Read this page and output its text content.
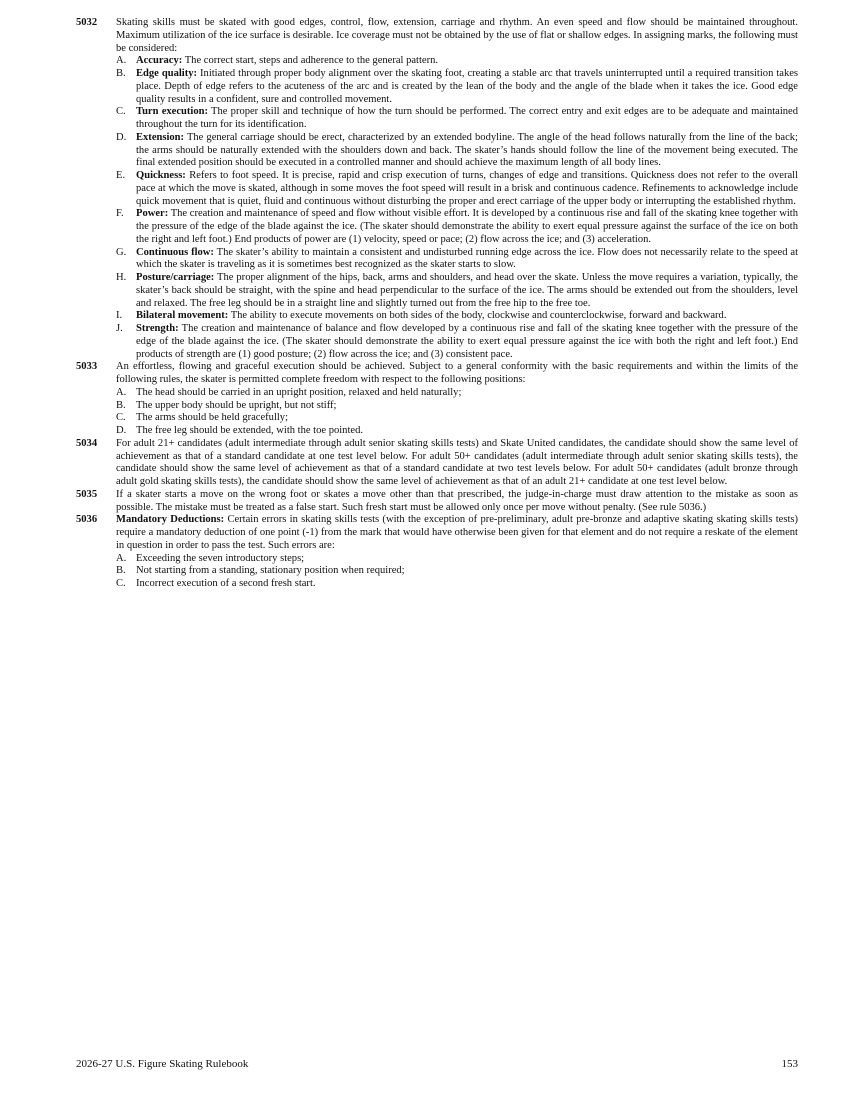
5032	Skating skills must be skated with good edges, control, flow, extension, carriage and rhythm. An even speed and flow should be maintained throughout. Maximum utilization of the ice surface is desirable. Ice coverage must not be obtained by the use of flat or shallow edges. In assigning marks, the following must be considered:
A. Accuracy: The correct start, steps and adherence to the general pattern.
B. Edge quality: Initiated through proper body alignment over the skating foot, creating a stable arc that travels uninterrupted until a required transition takes place. Depth of edge refers to the acuteness of the arc and is created by the lean of the body and the angle of the blade when it takes the ice. Good edge quality results in a confident, sure and controlled movement.
C. Turn execution: The proper skill and technique of how the turn should be performed. The correct entry and exit edges are to be adequate and maintained throughout the turn for its identification.
D. Extension: The general carriage should be erect, characterized by an extended bodyline. The angle of the head follows naturally from the line of the back; the arms should be naturally extended with the shoulders down and back. The skater’s hands should follow the line of the movement being executed. The final extended position should be executed in a controlled manner and should achieve the maximum length of all body lines.
E.	Quickness: Refers to foot speed. It is precise, rapid and crisp execution of turns, changes of edge and transitions. Quickness does not refer to the overall pace at which the move is skated, although in some moves the foot speed will result in a brisk and continuous cadence. Refinements to acknowledge include quick movement that is quiet, fluid and continuous without disturbing the proper and erect carriage of the upper body or interrupting the established rhythm.
F.	Power: The creation and maintenance of speed and flow without visible effort. It is developed by a continuous rise and fall of the skating knee together with the pressure of the edge of the blade against the ice. (The skater should demonstrate the ability to exert equal pressure against the surface of the ice on both the right and left foot.) End products of power are (1) velocity, speed or pace; (2) flow across the ice; and (3) acceleration.
G. Continuous flow: The skater’s ability to maintain a consistent and undisturbed running edge across the ice. Flow does not necessarily relate to the speed at which the skater is traveling as it is sometimes best recognized as the skater starts to slow.
H. Posture/carriage: The proper alignment of the hips, back, arms and shoulders, and head over the skate. Unless the move requires a variation, typically, the skater’s back should be straight, with the spine and head perpendicular to the surface of the ice. The arms should be extended out from the shoulders, level and relaxed. The free leg should be in a straight line and slightly turned out from the free hip to the free toe.
I.	Bilateral movement: The ability to execute movements on both sides of the body, clockwise and counterclockwise, forward and backward.
J.	Strength: The creation and maintenance of balance and flow developed by a continuous rise and fall of the skating knee together with the pressure of the edge of the blade against the ice. (The skater should demonstrate the ability to exert equal pressure against the ice with both the right and left foot.) End products of strength are (1) good posture; (2) flow across the ice; and (3) consistent pace.
5033	An effortless, flowing and graceful execution should be achieved. Subject to a general conformity with the basic requirements and within the limits of the following rules, the skater is permitted complete freedom with respect to the following positions:
A. The head should be carried in an upright position, relaxed and held naturally;
B. The upper body should be upright, but not stiff;
C. The arms should be held gracefully;
D. The free leg should be extended, with the toe pointed.
5034	For adult 21+ candidates (adult intermediate through adult senior skating skills tests) and Skate United candidates, the candidate should show the same level of achievement as that of a standard candidate at one test level below. For adult 50+ candidates (adult intermediate through adult senior skating skills tests), the candidate should show the same level of achievement as that of a standard candidate at two test levels below. For adult 50+ candidates (adult bronze through adult gold skating skills tests), the candidate should show the same level of achievement as that of an adult 21+ candidate at one test level below.
5035	If a skater starts a move on the wrong foot or skates a move other than that prescribed, the judge-in-charge must draw attention to the mistake as soon as possible. The mistake must be treated as a false start. Such fresh start must be allowed only once per move without penalty. (See rule 5036.)
5036	Mandatory Deductions: Certain errors in skating skills tests (with the exception of pre-preliminary, adult pre-bronze and adaptive skating skating skills tests) require a mandatory deduction of one point (-1) from the mark that would have otherwise been given for that element and do not require a reskate of the element in question in order to pass the test. Such errors are:
A. Exceeding the seven introductory steps;
B. Not starting from a standing, stationary position when required;
C. Incorrect execution of a second fresh start.
2026-27 U.S. Figure Skating Rulebook	153
